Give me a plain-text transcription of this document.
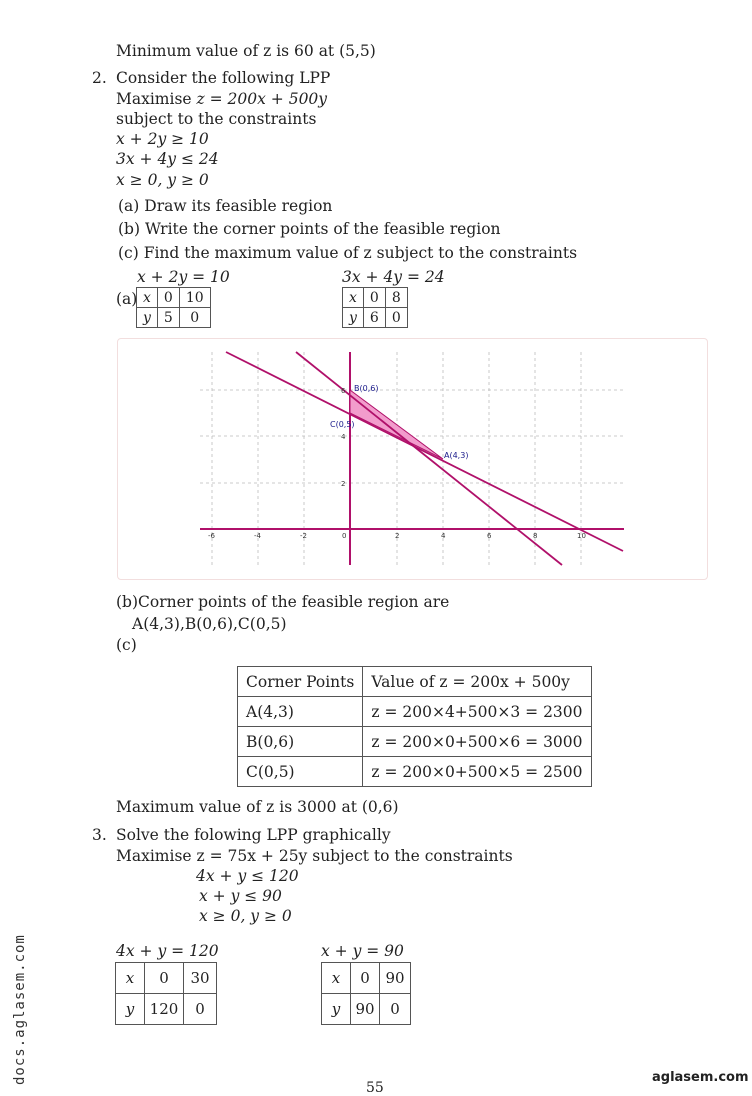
Minimum value of z is 60 at (5,5)
2. Consider the following LPP
Maximise z = 200x + 500y
subject to the constraints
x + 2y ≥ 10
3x + 4y ≤ 24
x ≥ 0, y ≥ 0
(a) Draw its feasible region
(b) Write the corner points of the feasible region
(c) Find the maximum value of z subject to the constraints
x + 2y = 10
(a) x	0	10
y	5	0
3x + 4y = 24
x	0	8
y	6	0
-6	-4	-2	0	2	4	6	8	10
6
4
2
B(0,6)
C(0,5)
A(4,3)
(b)Corner points of the feasible region are
A(4,3),B(0,6),C(0,5)
(c)
Corner Points	Value of z = 200x + 500y
A(4,3)	z = 200×4+500×3 = 2300
B(0,6)	z = 200×0+500×6 = 3000
C(0,5)	z = 200×0+500×5 = 2500
Maximum value of z is 3000 at (0,6)
3. Solve the folowing LPP graphically
Maximise z = 75x + 25y subject to the constraints
4x + y ≤ 120
x + y ≤ 90
x ≥ 0, y ≥ 0
4x + y = 120
x	0	30
y	120	0
x + y = 90
x	0	90
y	90	0
55
docs.aglasem.com	aglasem.com
